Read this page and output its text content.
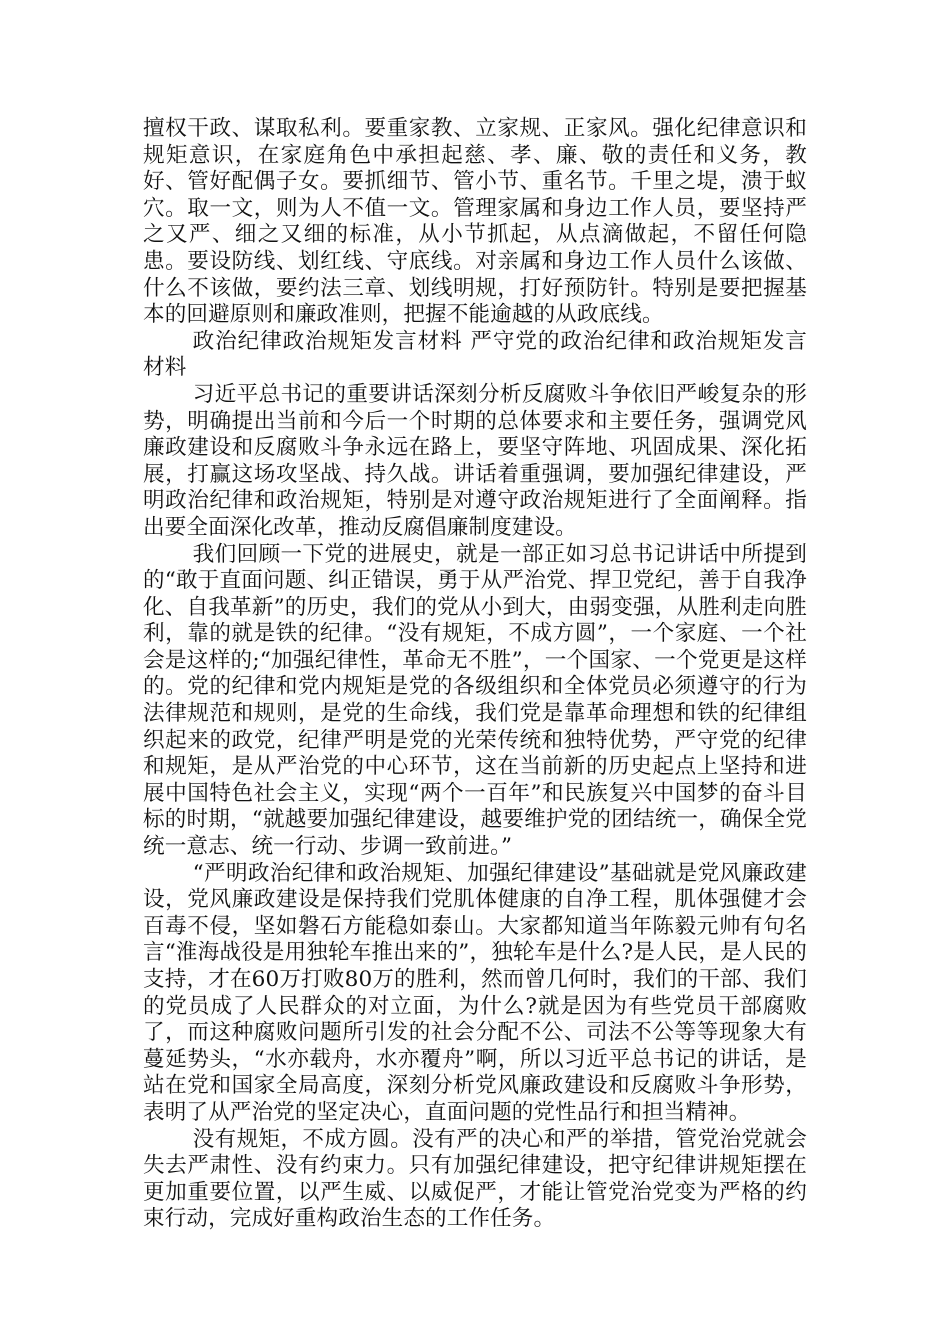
擅权干政、谋取私利。要重家教、立家规、正家风。强化纪律意识和规矩意识，在家庭角色中承担起慈、孝、廉、敬的责任和义务，教好、管好配偶子女。要抓细节、管小节、重名节。千里之堤，溃于蚁穴。取一文，则为人不值一文。管理家属和身边工作人员，要坚持严之又严、细之又细的标准，从小节抓起，从点滴做起，不留任何隐患。要设防线、划红线、守底线。对亲属和身边工作人员什么该做、什么不该做，要约法三章、划线明规，打好预防针。特别是要把握基本的回避原则和廉政准则，把握不能逾越的从政底线。

政治纪律政治规矩发言材料 严守党的政治纪律和政治规矩发言材料

习近平总书记的重要讲话深刻分析反腐败斗争依旧严峻复杂的形势，明确提出当前和今后一个时期的总体要求和主要任务，强调党风廉政建设和反腐败斗争永远在路上，要坚守阵地、巩固成果、深化拓展，打赢这场攻坚战、持久战。讲话着重强调，要加强纪律建设，严明政治纪律和政治规矩，特别是对遵守政治规矩进行了全面阐释。指出要全面深化改革，推动反腐倡廉制度建设。

我们回顾一下党的进展史，就是一部正如习总书记讲话中所提到的“敢于直面问题、纠正错误，勇于从严治党、捍卫党纪，善于自我净化、自我革新”的历史，我们的党从小到大，由弱变强，从胜利走向胜利，靠的就是铁的纪律。“没有规矩，不成方圆”，一个家庭、一个社会是这样的;“加强纪律性，革命无不胜”，一个国家、一个党更是这样的。党的纪律和党内规矩是党的各级组织和全体党员必须遵守的行为法律规范和规则，是党的生命线，我们党是靠革命理想和铁的纪律组织起来的政党，纪律严明是党的光荣传统和独特优势，严守党的纪律和规矩，是从严治党的中心环节，这在当前新的历史起点上坚持和进展中国特色社会主义，实现“两个一百年”和民族复兴中国梦的奋斗目标的时期，“就越要加强纪律建设，越要维护党的团结统一，确保全党统一意志、统一行动、步调一致前进。”

“严明政治纪律和政治规矩、加强纪律建设”基础就是党风廉政建设，党风廉政建设是保持我们党肌体健康的自净工程，肌体强健才会百毒不侵，坚如磐石方能稳如泰山。大家都知道当年陈毅元帅有句名言“淮海战役是用独轮车推出来的”，独轮车是什么?是人民，是人民的支持，才在60万打败80万的胜利，然而曾几何时，我们的干部、我们的党员成了人民群众的对立面，为什么?就是因为有些党员干部腐败了，而这种腐败问题所引发的社会分配不公、司法不公等等现象大有蔓延势头，“水亦载舟，水亦覆舟”啊，所以习近平总书记的讲话，是站在党和国家全局高度，深刻分析党风廉政建设和反腐败斗争形势，表明了从严治党的坚定决心，直面问题的党性品行和担当精神。

没有规矩，不成方圆。没有严的决心和严的举措，管党治党就会失去严肃性、没有约束力。只有加强纪律建设，把守纪律讲规矩摆在更加重要位置，以严生威、以威促严，才能让管党治党变为严格的约束行动，完成好重构政治生态的工作任务。
